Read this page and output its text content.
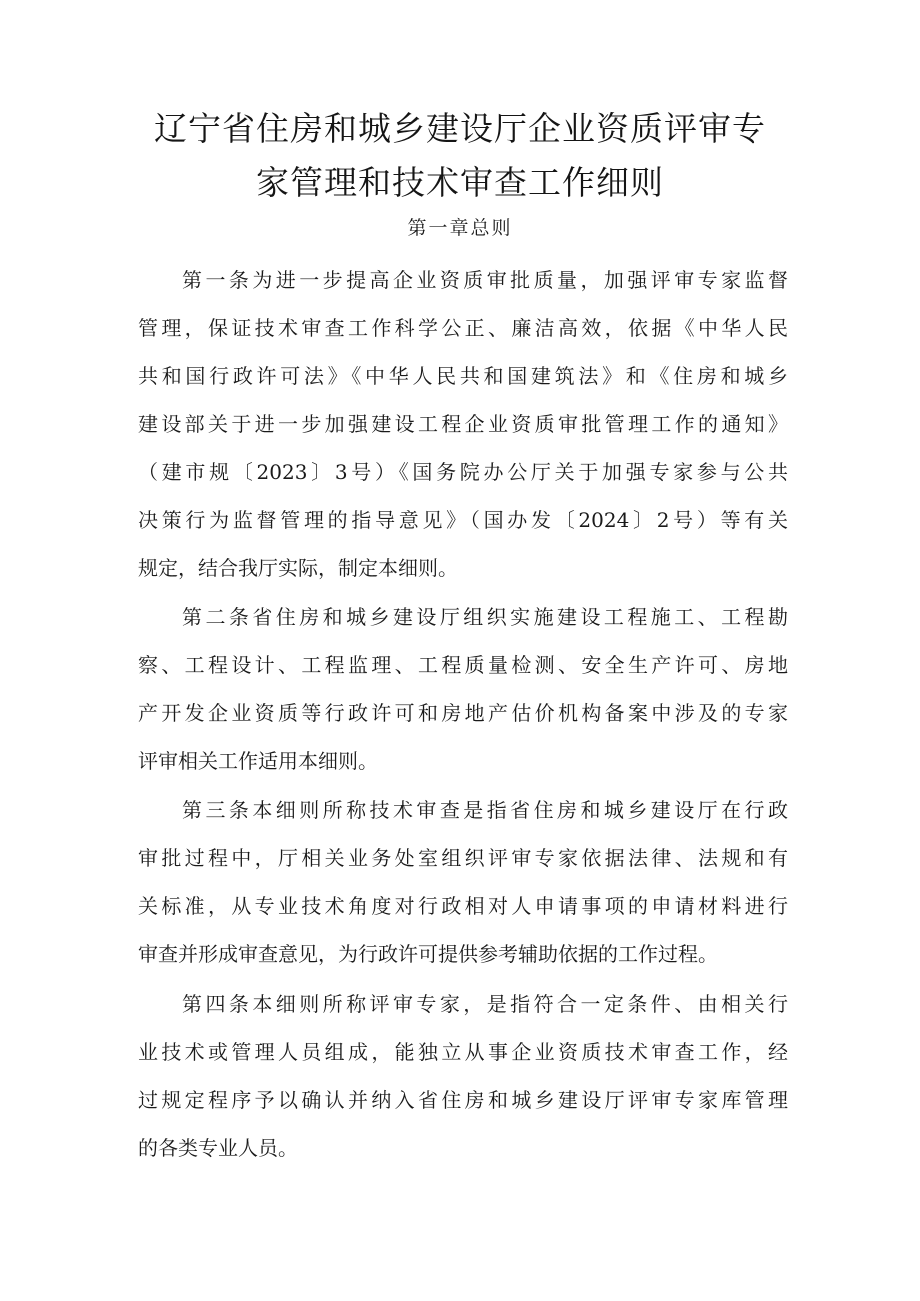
辽宁省住房和城乡建设厅企业资质评审专
家管理和技术审查工作细则
第一章总则

第一条为进一步提高企业资质审批质量，加强评审专家监督
管理，保证技术审查工作科学公正、廉洁高效，依据《中华人民
共和国行政许可法》《中华人民共和国建筑法》和《住房和城乡
建设部关于进一步加强建设工程企业资质审批管理工作的通知》
（建市规〔2023〕3号）《国务院办公厅关于加强专家参与公共
决策行为监督管理的指导意见》（国办发〔2024〕2号）等有关
规定，结合我厅实际，制定本细则。

第二条省住房和城乡建设厅组织实施建设工程施工、工程勘
察、工程设计、工程监理、工程质量检测、安全生产许可、房地
产开发企业资质等行政许可和房地产估价机构备案中涉及的专家
评审相关工作适用本细则。

第三条本细则所称技术审查是指省住房和城乡建设厅在行政
审批过程中，厅相关业务处室组织评审专家依据法律、法规和有
关标准，从专业技术角度对行政相对人申请事项的申请材料进行
审查并形成审查意见，为行政许可提供参考辅助依据的工作过程。

第四条本细则所称评审专家，是指符合一定条件、由相关行
业技术或管理人员组成，能独立从事企业资质技术审查工作，经
过规定程序予以确认并纳入省住房和城乡建设厅评审专家库管理
的各类专业人员。
